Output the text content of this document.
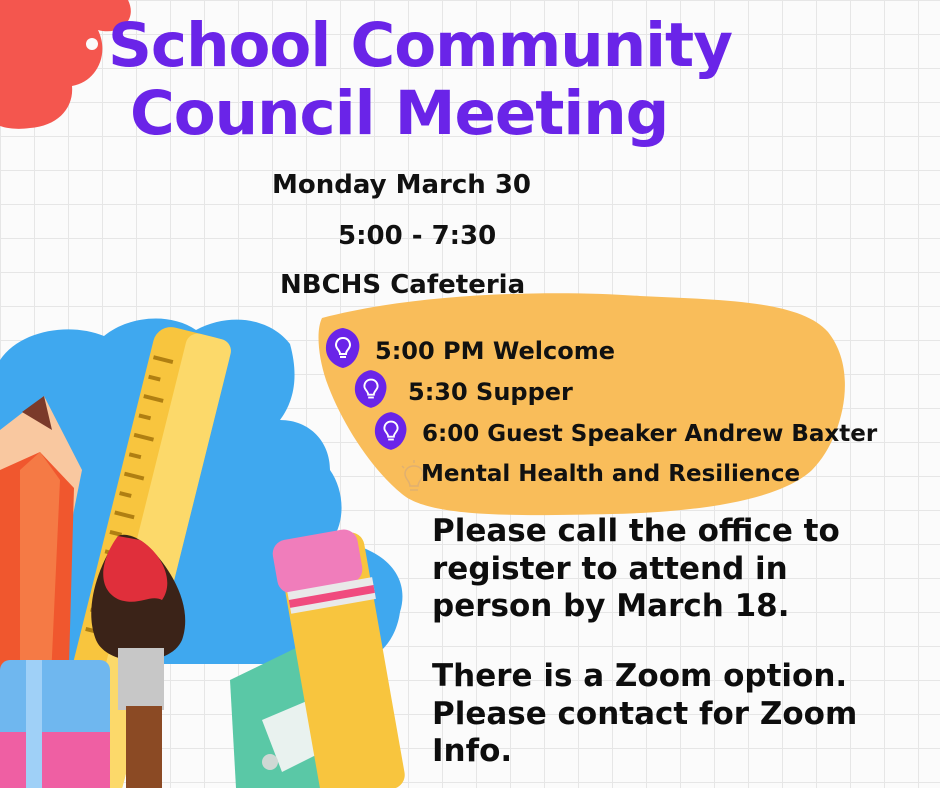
School Community
Council Meeting
Monday March 30
5:00 - 7:30
NBCHS Cafeteria
5:00 PM Welcome
5:30 Supper
6:00 Guest Speaker Andrew Baxter
Mental Health and Resilience
Please call the office to
register to attend in
person by March 18.
There is a Zoom option.
Please contact for Zoom
Info.
